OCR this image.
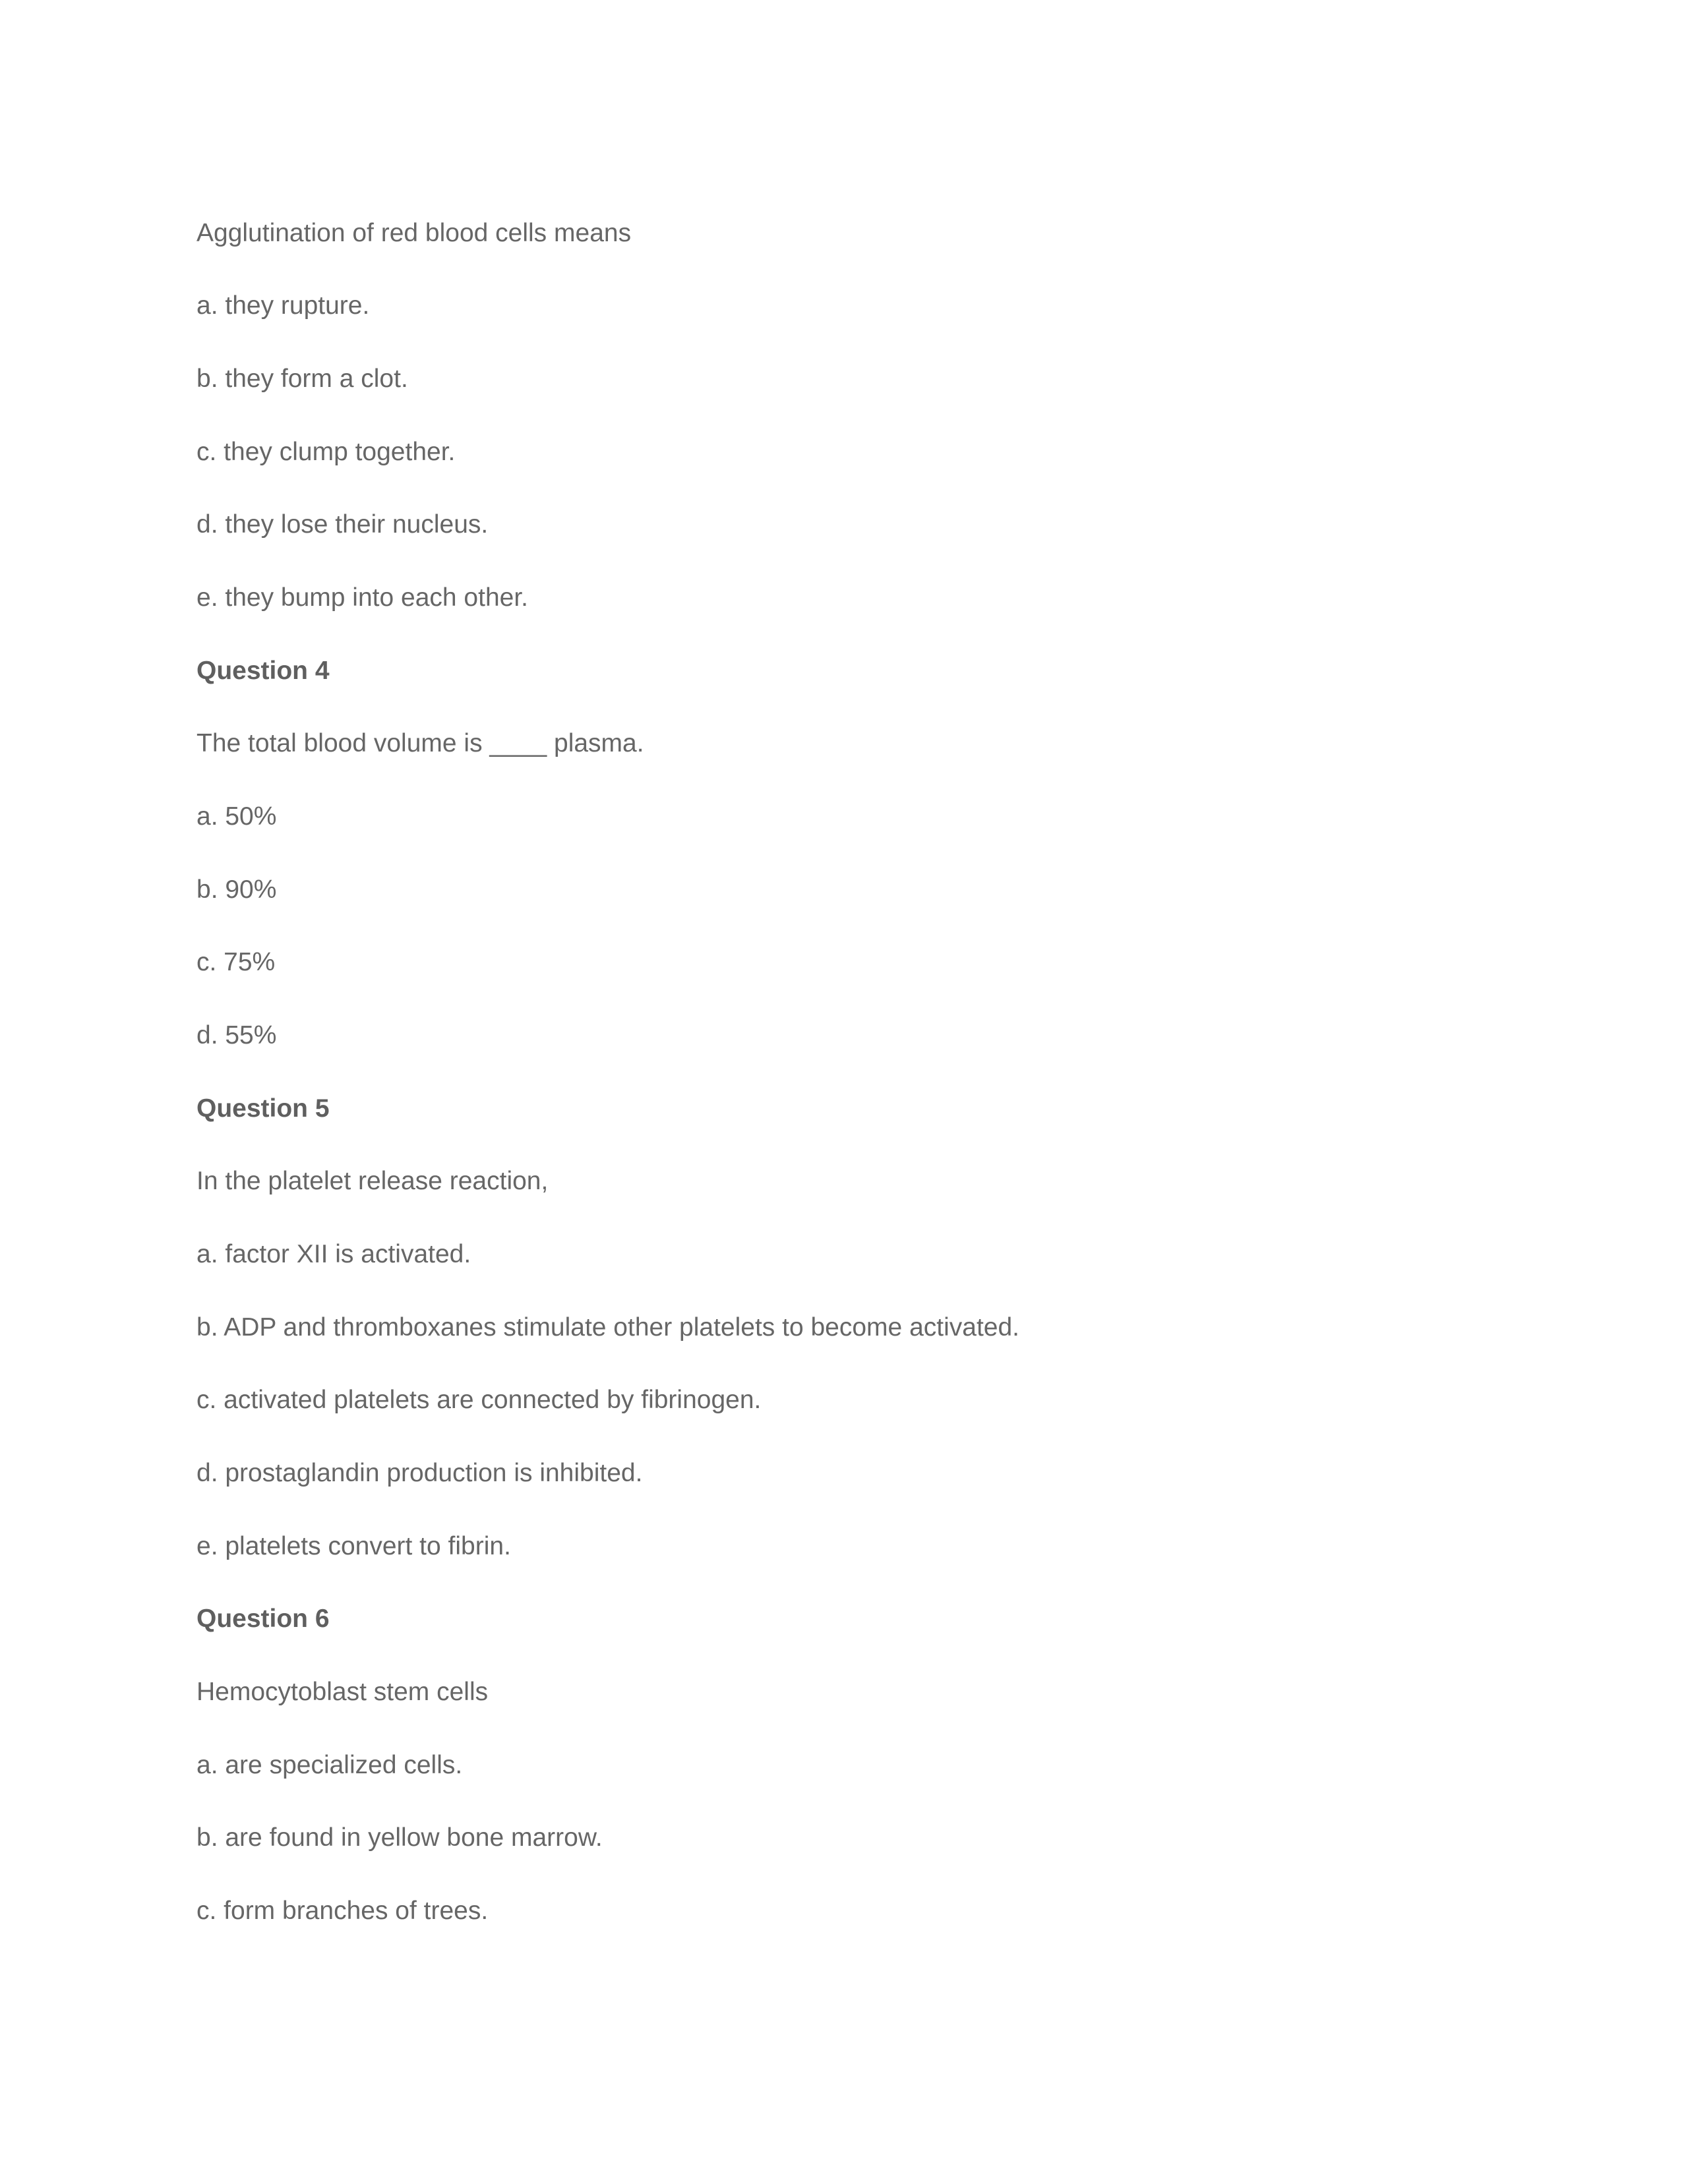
Agglutination of red blood cells means
a. they rupture.
b. they form a clot.
c. they clump together.
d. they lose their nucleus.
e. they bump into each other.
Question 4
The total blood volume is ____ plasma.
a. 50%
b. 90%
c. 75%
d. 55%
Question 5
In the platelet release reaction,
a. factor XII is activated.
b. ADP and thromboxanes stimulate other platelets to become activated.
c. activated platelets are connected by fibrinogen.
d. prostaglandin production is inhibited.
e. platelets convert to fibrin.
Question 6
Hemocytoblast stem cells
a. are specialized cells.
b. are found in yellow bone marrow.
c. form branches of trees.
